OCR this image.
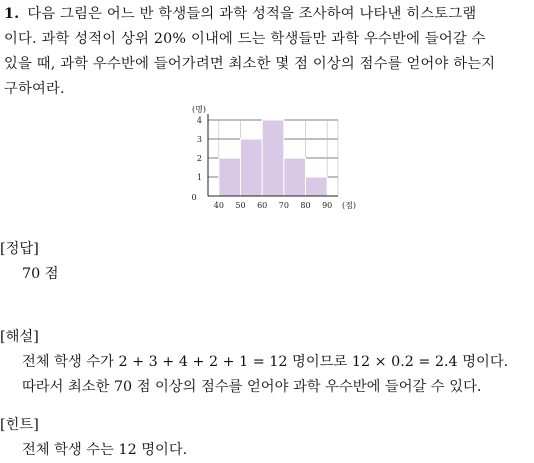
1. 다음 그림은 어느 반 학생들의 과학 성적을 조사하여 나타낸 히스토그램
이다. 과학 성적이 상위 20% 이내에 드는 학생들만 과학 우수반에 들어갈 수
있을 때, 과학 우수반에 들어가려면 최소한 몇 점 이상의 점수를 얻어야 하는지
구하여라.
1
2
3
4
40 50 60 70 80 90
0
(명)
(점)
[정답]
70 점
[해설]
전체 학생 수가 2 + 3 + 4 + 2 + 1 = 12 명이므로 12 × 0.2 = 2.4 명이다.
따라서 최소한 70 점 이상의 점수를 얻어야 과학 우수반에 들어갈 수 있다.
[힌트]
전체 학생 수는 12 명이다.
